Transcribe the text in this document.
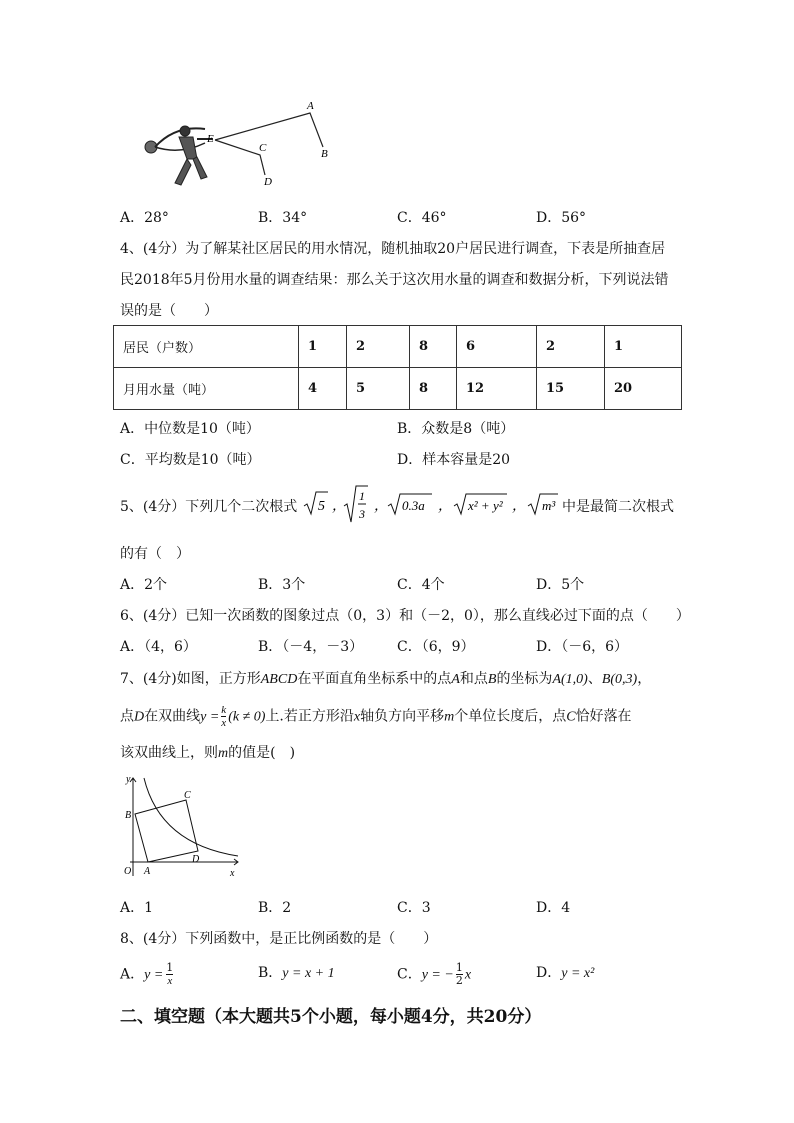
A
B
E
C
D
A．28°	B．34°	C．46°	D．56°
4、(4分）为了解某社区居民的用水情况，随机抽取20户居民进行调查，下表是所抽查居
民2018年5月份用水量的调查结果：那么关于这次用水量的调查和数据分析，下列说法错
误的是（　　）
居民（户数）	1	2	8	6	2	1
月用水量（吨）	4	5	8	12	15	20
A．中位数是10（吨）	B．众数是8（吨）
C．平均数是10（吨）	D．样本容量是20
5、(4分）下列几个二次根式 5 ，
1
3 ， 0.3a ， x² + y² ， m³ 中是最简二次根式
的有（　）
A．2个	B．3个	C．4个	D．5个
6、(4分）已知一次函数的图象过点（0，3）和（－2，0），那么直线必过下面的点（　　）
A．（4，6）	B．（－4，－3） C．（6，9）	D．（－6，6）
7、(4分)如图，正方形ABCD在平面直角坐标系中的点A和点B的坐标为A(1,0)、B(0,3)，
点D在双曲线$y = \frac{k}{x} (k \ne 0)$上.若正方形沿x轴负方向平移m个单位长度后，点C恰好落在
该双曲线上，则m的值是(　)
y
x
O A
B
C
D
A．1	B．2	C．3	D．4
8、(4分）下列函数中，是正比例函数的是（　　）
A．$y = \frac{1}{x}$	B．y = x + 1	C．y = − $\frac{1}{2}$ x	D．y = x²
二、填空题（本大题共5个小题，每小题4分，共20分）
